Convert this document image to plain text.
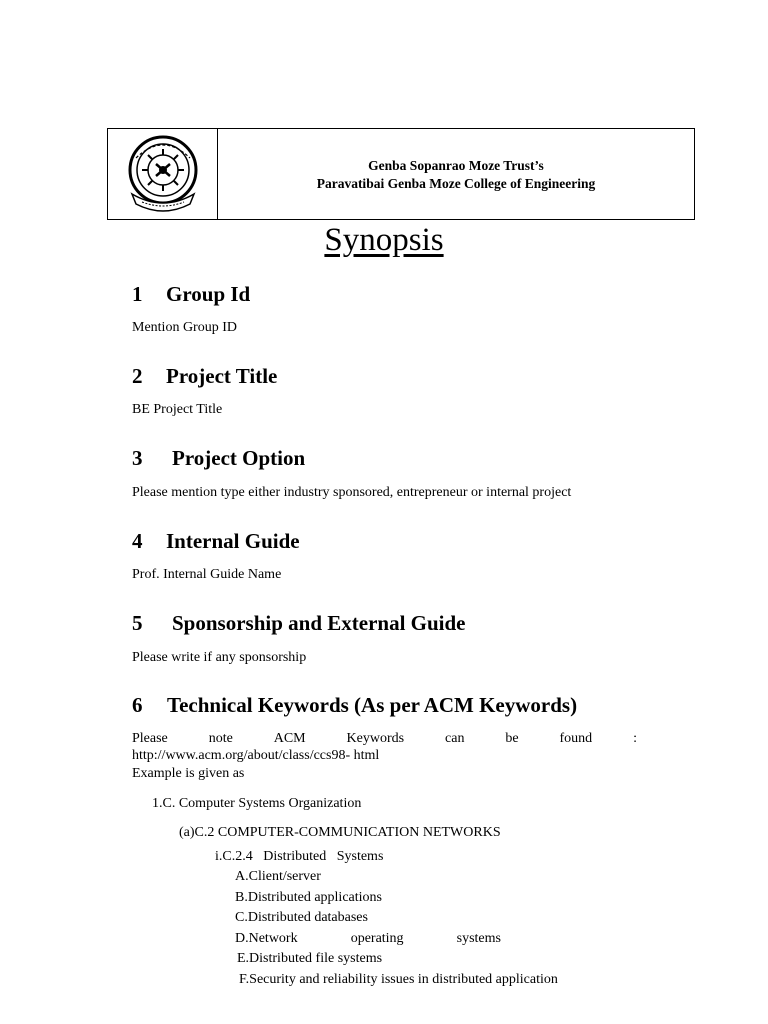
Genba Sopanrao Moze Trust’s
Paravatibai Genba Moze College of Engineering
Synopsis
1 Group Id
Mention Group ID
2 Project Title
BE Project Title
3 Project Option
Please mention type either industry sponsored, entrepreneur or internal project
4 Internal Guide
Prof. Internal Guide Name
5 Sponsorship and External Guide
Please write if any sponsorship
6 Technical Keywords (As per ACM Keywords)
Please	note	ACM	Keywords	can	be	found	:
http://www.acm.org/about/class/ccs98- html
Example is given as
1.C. Computer Systems Organization
(a)C.2 COMPUTER-COMMUNICATION NETWORKS
i.C.2.4   Distributed   Systems
A.Client/server
B.Distributed applications
C.Distributed databases
D.Network	operating	systems
E.Distributed file systems
F.Security and reliability issues in distributed application
